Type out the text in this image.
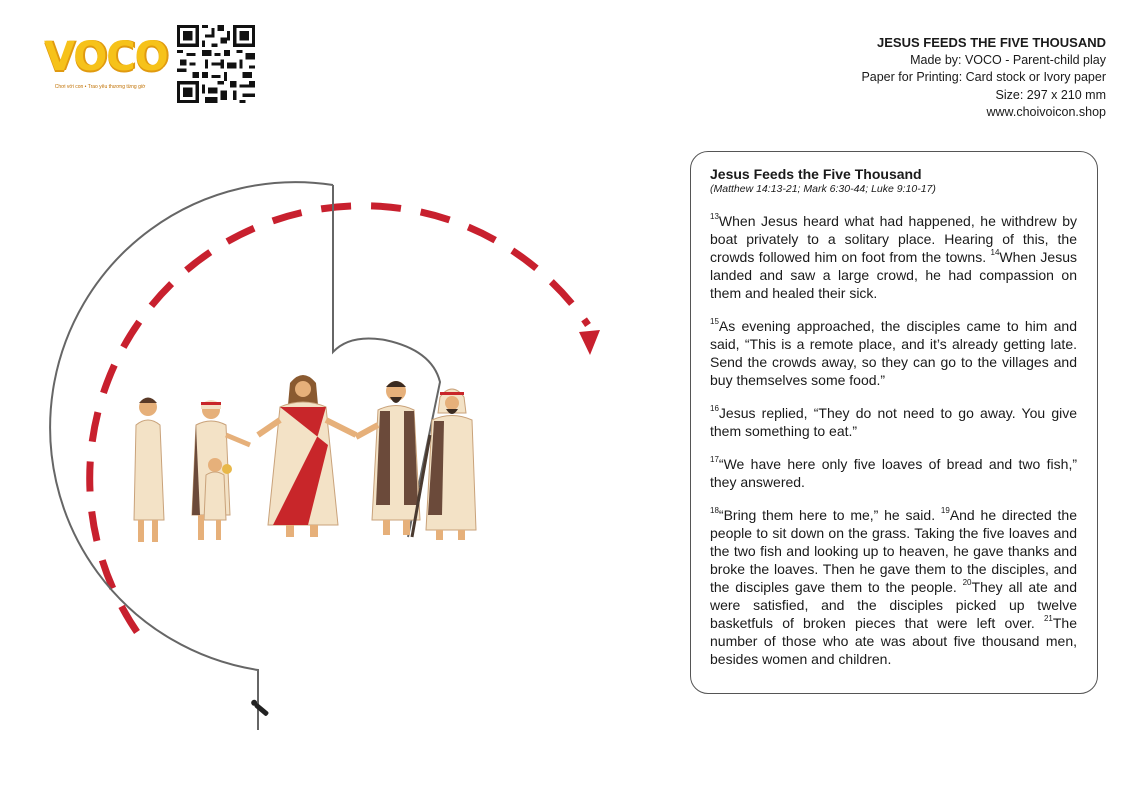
VOCO
Chơi với con • Trao yêu thương từng giờ
JESUS FEEDS THE FIVE THOUSAND
Made by: VOCO - Parent-child play
Paper for Printing: Card stock or Ivory paper
Size: 297 x 210 mm
www.choivoicon.shop
Jesus Feeds the Five Thousand
(Matthew 14:13-21; Mark 6:30-44; Luke 9:10-17)

$^{13}$When Jesus heard what had happened, he withdrew by boat privately to a solitary place. Hearing of this, the crowds followed him on foot from the towns. $^{14}$When Jesus landed and saw a large crowd, he had compassion on them and healed their sick.

$^{15}$As evening approached, the disciples came to him and said, “This is a remote place, and it’s already getting late. Send the crowds away, so they can go to the villages and buy themselves some food.”

$^{16}$Jesus replied, “They do not need to go away. You give them something to eat.”

$^{17}$“We have here only five loaves of bread and two fish,” they answered.

$^{18}$“Bring them here to me,” he said. $^{19}$And he directed the people to sit down on the grass. Taking the five loaves and the two fish and looking up to heaven, he gave thanks and broke the loaves. Then he gave them to the disciples, and the disciples gave them to the people. $^{20}$They all ate and were satisfied, and the disciples picked up twelve basketfuls of broken pieces that were left over. $^{21}$The number of those who ate was about five thousand men, besides women and children.
